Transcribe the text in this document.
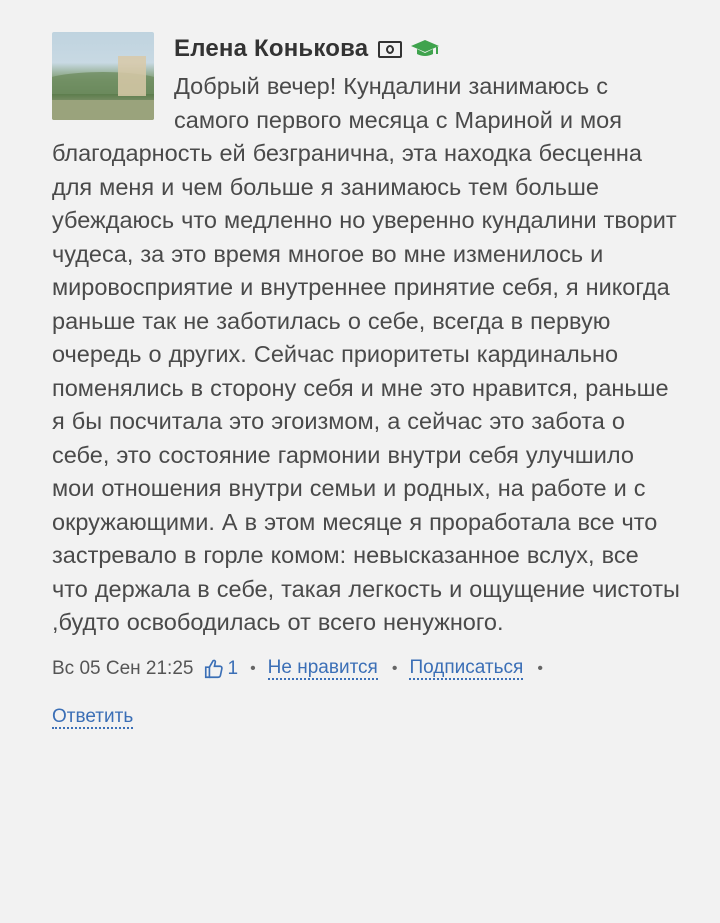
Елена Конькова

Добрый вечер! Кундалини занимаюсь с самого первого месяца с Мариной и моя благодарность ей безгранична, эта находка бесценна для меня и чем больше я занимаюсь тем больше убеждаюсь что медленно но уверенно кундалини творит чудеса, за это время многое во мне изменилось и мировосприятие и внутреннее принятие себя, я никогда раньше так не заботилась о себе, всегда в первую очередь о других. Сейчас приоритеты кардинально поменялись в сторону себя и мне это нравится, раньше я бы посчитала это эгоизмом, а сейчас это забота о себе, это состояние гармонии внутри себя улучшило мои отношения внутри семьи и родных, на работе и с окружающими. А в этом месяце я проработала все что застревало в горле комом: невысказанное вслух, все что держала в себе, такая легкость и ощущение чистоты ,будто освободилась от всего ненужного.

Вс 05 Сен 21:25 1 • Не нравится • Подписаться •
Ответить
